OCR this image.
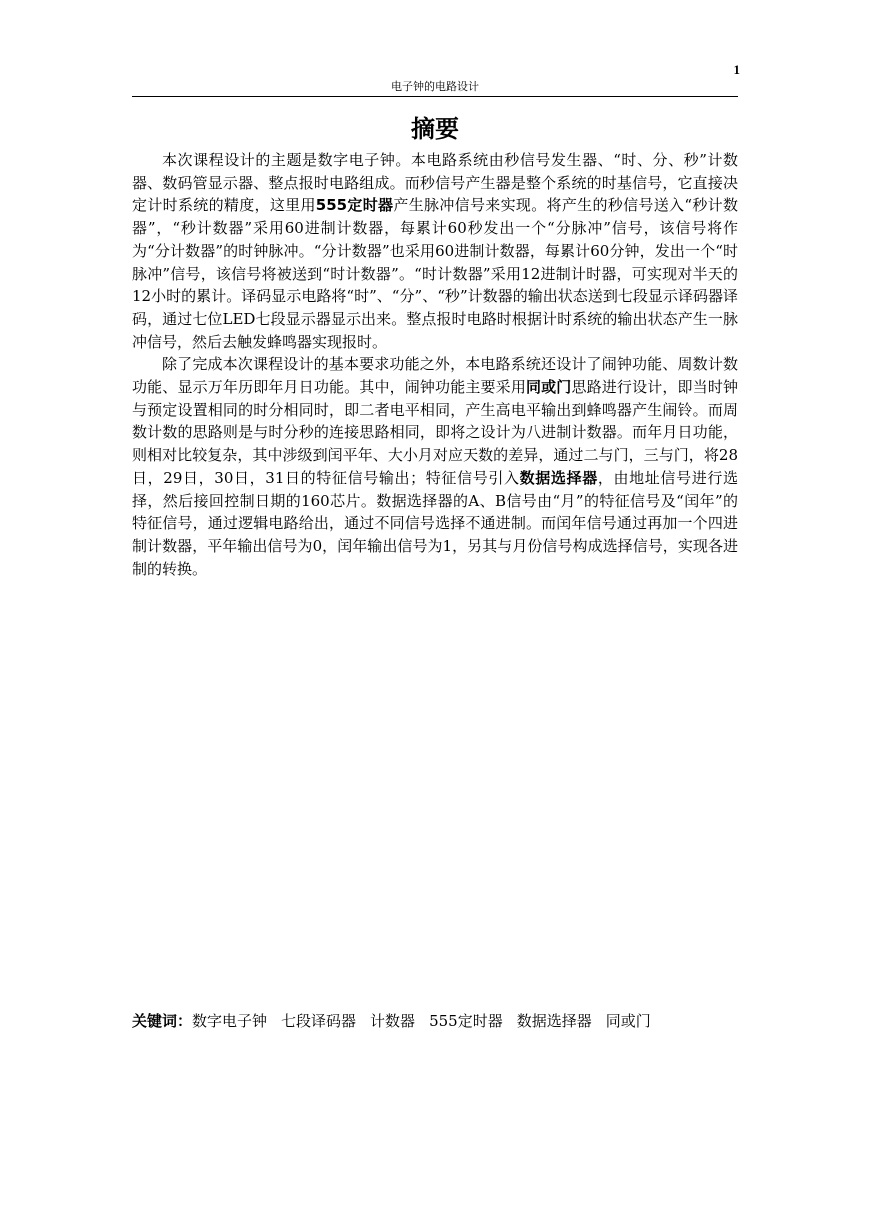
1
电子钟的电路设计
摘要

本次课程设计的主题是数字电子钟。本电路系统由秒信号发生器、“时、分、秒”计数器、数码管显示器、整点报时电路组成。而秒信号产生器是整个系统的时基信号，它直接决定计时系统的精度，这里用555定时器产生脉冲信号来实现。将产生的秒信号送入“秒计数器”，“秒计数器”采用60进制计数器，每累计60秒发出一个“分脉冲”信号，该信号将作为“分计数器”的时钟脉冲。“分计数器”也采用60进制计数器，每累计60分钟，发出一个“时脉冲”信号，该信号将被送到“时计数器”。“时计数器”采用12进制计时器，可实现对半天的12小时的累计。译码显示电路将“时”、“分”、“秒”计数器的输出状态送到七段显示译码器译码，通过七位LED七段显示器显示出来。整点报时电路时根据计时系统的输出状态产生一脉冲信号，然后去触发蜂鸣器实现报时。

除了完成本次课程设计的基本要求功能之外，本电路系统还设计了闹钟功能、周数计数功能、显示万年历即年月日功能。其中，闹钟功能主要采用同或门思路进行设计，即当时钟与预定设置相同的时分相同时，即二者电平相同，产生高电平输出到蜂鸣器产生闹铃。而周数计数的思路则是与时分秒的连接思路相同，即将之设计为八进制计数器。而年月日功能，则相对比较复杂，其中涉级到闰平年、大小月对应天数的差异，通过二与门，三与门，将28日，29日，30日，31日的特征信号输出；特征信号引入数据选择器，由地址信号进行选择，然后接回控制日期的160芯片。数据选择器的A、B信号由“月”的特征信号及“闰年”的特征信号，通过逻辑电路给出，通过不同信号选择不通进制。而闰年信号通过再加一个四进制计数器，平年输出信号为0，闰年输出信号为1，另其与月份信号构成选择信号，实现各进制的转换。

关键词：数字电子钟 七段译码器 计数器 555定时器 数据选择器 同或门
